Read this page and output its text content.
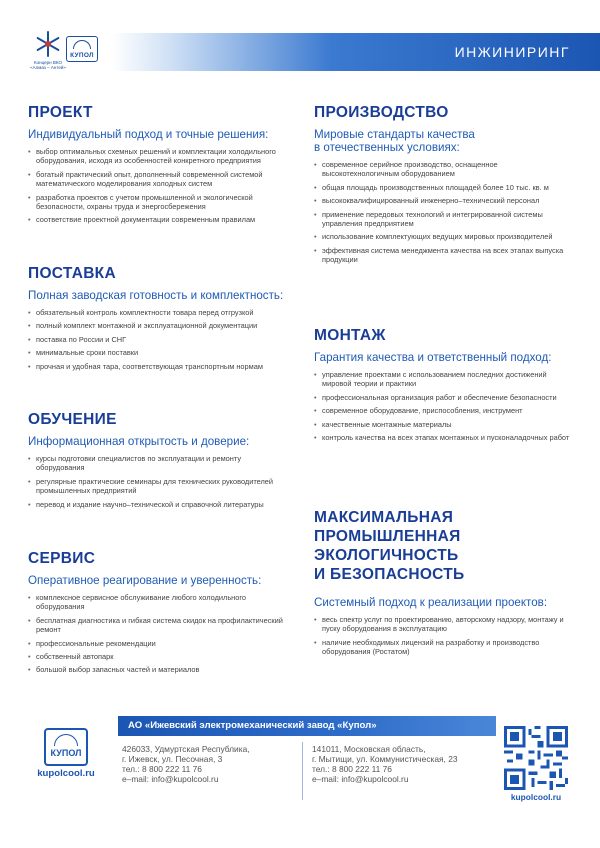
Концерн ВКО «Алмаз – Антей»
КУПОЛ	ИНЖИНИРИНГ
ПРОЕКТ
Индивидуальный подход и точные решения:
• выбор оптимальных схемных решений и комплектации холодильного оборудования, исходя из особенностей конкретного предприятия
• богатый практический опыт, дополненный современной системой математического моделирования холодных систем
• разработка проектов с учетом промышленной и экологической безопасности, охраны труда и энергосбережения
• соответствие проектной документации современным правилам
ПОСТАВКА
Полная заводская готовность и комплектность:
• обязательный контроль комплектности товара перед отгрузкой
• полный комплект монтажной и эксплуатационной документации
• поставка по России и СНГ
• минимальные сроки поставки
• прочная и удобная тара, соответствующая транспортным нормам
ОБУЧЕНИЕ
Информационная открытость и доверие:
• курсы подготовки специалистов по эксплуатации и ремонту оборудования
• регулярные практические семинары для технических руководителей промышленных предприятий
• перевод и издание научно–технической и справочной литературы
СЕРВИС
Оперативное реагирование и уверенность:
• комплексное сервисное обслуживание любого холодильного оборудования
• бесплатная диагностика и гибкая система скидок на профилактический ремонт
• профессиональные рекомендации
• собственный автопарк
• большой выбор запасных частей и материалов
ПРОИЗВОДСТВО
Мировые стандарты качества
в отечественных условиях:
• современное серийное производство, оснащенное высокотехнологичным оборудованием
• общая площадь производственных площадей более 10 тыс. кв. м
• высококвалифицированный инженерно–технический персонал
• применение передовых технологий и интегрированной системы управления предприятием
• использование комплектующих ведущих мировых производителей
• эффективная система менеджмента качества на всех этапах выпуска продукции
МОНТАЖ
Гарантия качества и ответственный подход:
• управление проектами с использованием последних достижений мировой теории и практики
• профессиональная организация работ и обеспечение безопасности
• современное оборудование, приспособления, инструмент
• качественные монтажные материалы
• контроль качества на всех этапах монтажных и пусконаладочных работ
МАКСИМАЛЬНАЯ
ПРОМЫШЛЕННАЯ
ЭКОЛОГИЧНОСТЬ
И БЕЗОПАСНОСТЬ
Системный подход к реализации проектов:
• весь спектр услуг по проектированию, авторскому надзору, монтажу и пуску оборудования в эксплуатацию
• наличие необходимых лицензий на разработку и производство оборудования (Ростатом)
АО «Ижевский электромеханический завод «Купол»
КУПОЛ
kupolcool.ru
426033, Удмуртская Республика,
г. Ижевск, ул. Песочная, 3
тел.: 8 800 222 11 76
e–mail: info@kupolcool.ru
141011, Московская область,
г. Мытищи, ул. Коммунистическая, 23
тел.: 8 800 222 11 76
e–mail: info@kupolcool.ru
kupolcool.ru
